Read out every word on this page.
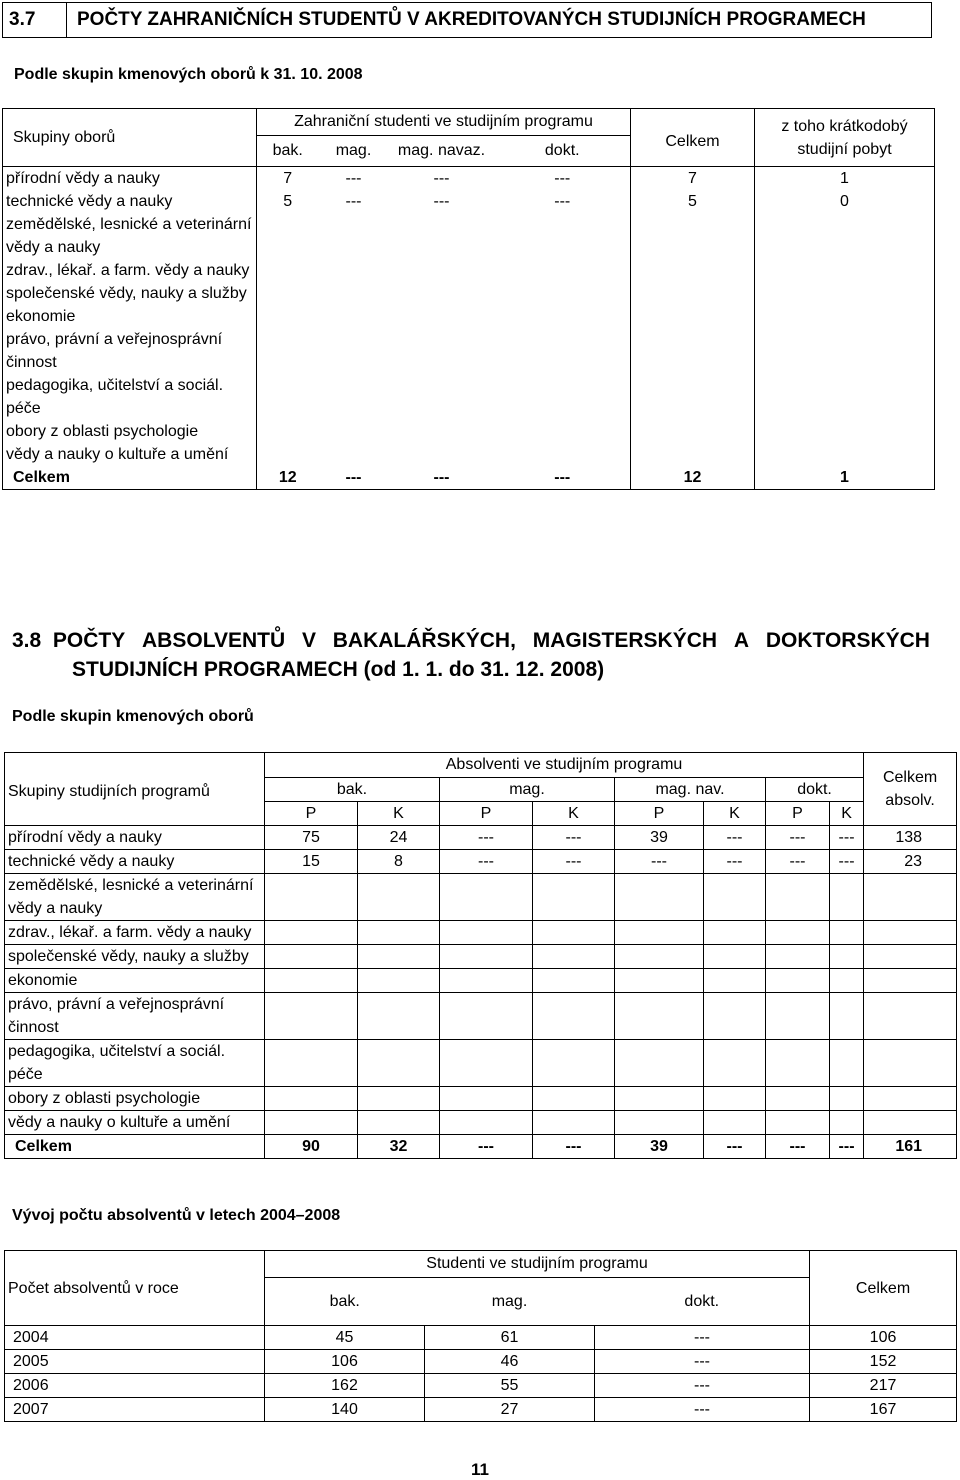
3.7	POČTY ZAHRANIČNÍCH STUDENTŮ V AKREDITOVANÝCH STUDIJNÍCH PROGRAMECH
Podle skupin kmenových oborů k 31. 10. 2008
Skupiny oborů	Zahraniční studenti ve studijním programu				Celkem	z toho krátkodobý
studijní pobyt

	bak.	mag.	mag. navaz.	dokt.		
přírodní vědy a nauky	7	---	---	---	7	1
technické vědy a nauky	5	---	---	---	5	0
zemědělské, lesnické a veterinární vědy a nauky						
zdrav., lékař. a farm. vědy a nauky						
společenské vědy, nauky a služby						
ekonomie						
právo, právní a veřejnosprávní činnost						
pedagogika, učitelství a sociál. péče						
obory z oblasti psychologie						
vědy a nauky o kultuře a umění						
Celkem	12	---	---	---	12	1
3.8 POČTY ABSOLVENTŮ V BAKALÁŘSKÝCH, MAGISTERSKÝCH A DOKTORSKÝCH
STUDIJNÍCH PROGRAMECH (od 1. 1. do 31. 12. 2008)
Podle skupin kmenových oborů
Skupiny studijních programů	Absolventi ve studijním programu								Celkem
absolv.

	bak.		mag.		mag. nav.		dokt.		
	P	K	P	K	P	K	P	K	
přírodní vědy a nauky	75	24	---	---	39	---	---	---	138
technické vědy a nauky	15	8	---	---	---	---	---	---	23
zemědělské, lesnické a veterinární vědy a nauky									
zdrav., lékař. a farm. vědy a nauky									
společenské vědy, nauky a služby									
ekonomie									
právo, právní a veřejnosprávní činnost									
pedagogika, učitelství a sociál. péče									
obory z oblasti psychologie									
vědy a nauky o kultuře a umění									
Celkem	90	32	---	---	39	---	---	---	161
Vývoj počtu absolventů v letech 2004–2008
Počet absolventů v roce	Studenti ve studijním programu			Celkem
	bak.	mag.	dokt.	
2004	45	61	---	106
2005	106	46	---	152
2006	162	55	---	217
2007	140	27	---	167
11
